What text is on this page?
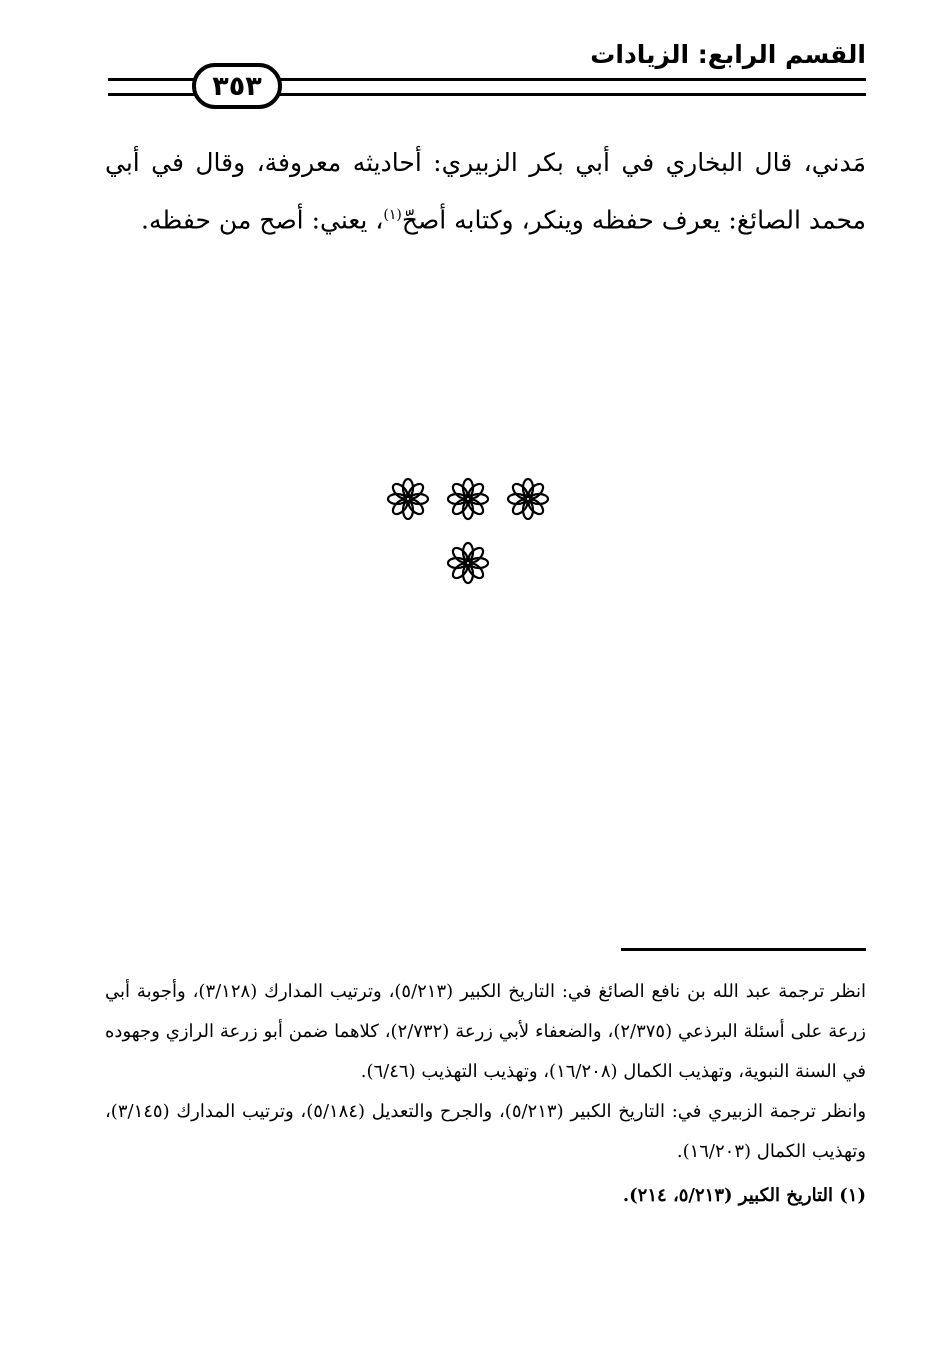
القسم الرابع: الزيادات
٣٥٣
مَدني، قال البخاري في أبي بكر الزبيري: أحاديثه معروفة، وقال في أبي محمد الصائغ: يعرف حفظه وينكر، وكتابه أصحّ$^{(١)}$، يعني: أصح من حفظه.

انظر ترجمة عبد الله بن نافع الصائغ في: التاريخ الكبير (٥/٢١٣)، وترتيب المدارك (٣/١٢٨)، وأجوبة أبي زرعة على أسئلة البرذعي (٢/٣٧٥)، والضعفاء لأبي زرعة (٢/٧٣٢)، كلاهما ضمن أبو زرعة الرازي وجهوده في السنة النبوية، وتهذيب الكمال (١٦/٢٠٨)، وتهذيب التهذيب (٦/٤٦).

وانظر ترجمة الزبيري في: التاريخ الكبير (٥/٢١٣)، والجرح والتعديل (٥/١٨٤)، وترتيب المدارك (٣/١٤٥)، وتهذيب الكمال (١٦/٢٠٣).

(١) التاريخ الكبير (٥/٢١٣، ٢١٤).
